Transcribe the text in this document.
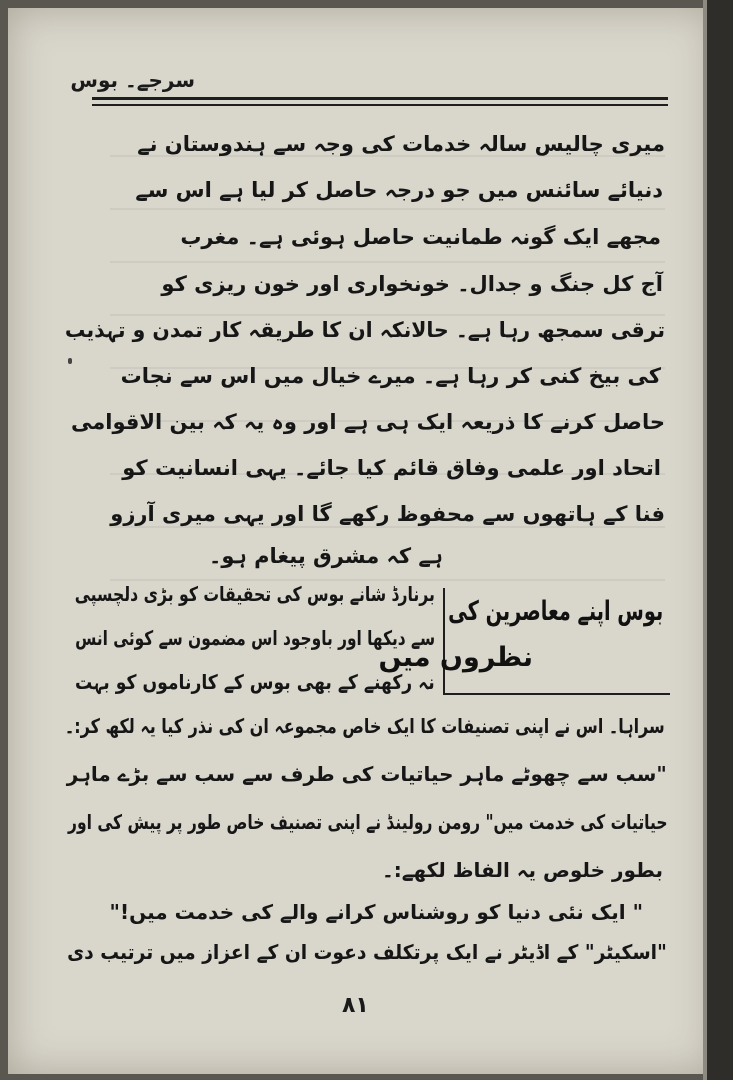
سرجے۔ بوس
میری چالیس سالہ خدمات کی وجہ سے ہندوستان نے
دنیائے سائنس میں جو درجہ حاصل کر لیا ہے اس سے
مجھے ایک گونہ طمانیت حاصل ہوئی ہے۔ مغرب
آج کل جنگ و جدال۔ خونخواری اور خون ریزی کو
ترقی سمجھ رہا ہے۔ حالانکہ ان کا طریقہ کار تمدن و تہذیب
کی بیخ کنی کر رہا ہے۔ میرے خیال میں اس سے نجات
حاصل کرنے کا ذریعہ ایک ہی ہے اور وہ یہ کہ بین الاقوامی
اتحاد اور علمی وفاق قائم کیا جائے۔ یہی انسانیت کو
فنا کے ہاتھوں سے محفوظ رکھے گا اور یہی میری آرزو
ہے کہ مشرق پیغام ہو۔
بوس اپنے معاصرین کی
نظروں میں
برنارڈ شانے بوس کی تحقیقات کو بڑی دلچسپی
سے دیکھا اور باوجود اس مضمون سے کوئی انس
نہ رکھنے کے بھی بوس کے کارناموں کو بہت
سراہا۔ اس نے اپنی تصنیفات کا ایک خاص مجموعہ ان کی نذر کیا یہ لکھ کر:۔
"سب سے چھوٹے ماہر حیاتیات کی طرف سے سب سے بڑے ماہر
حیاتیات کی خدمت میں" رومن رولینڈ نے اپنی تصنیف خاص طور پر پیش کی اور
بطور خلوص یہ الفاظ لکھے:۔
" ایک نئی دنیا کو روشناس کرانے والے کی خدمت میں!"
"اسکیٹر" کے اڈیٹر نے ایک پرتکلف دعوت ان کے اعزاز میں ترتیب دی
۸۱
